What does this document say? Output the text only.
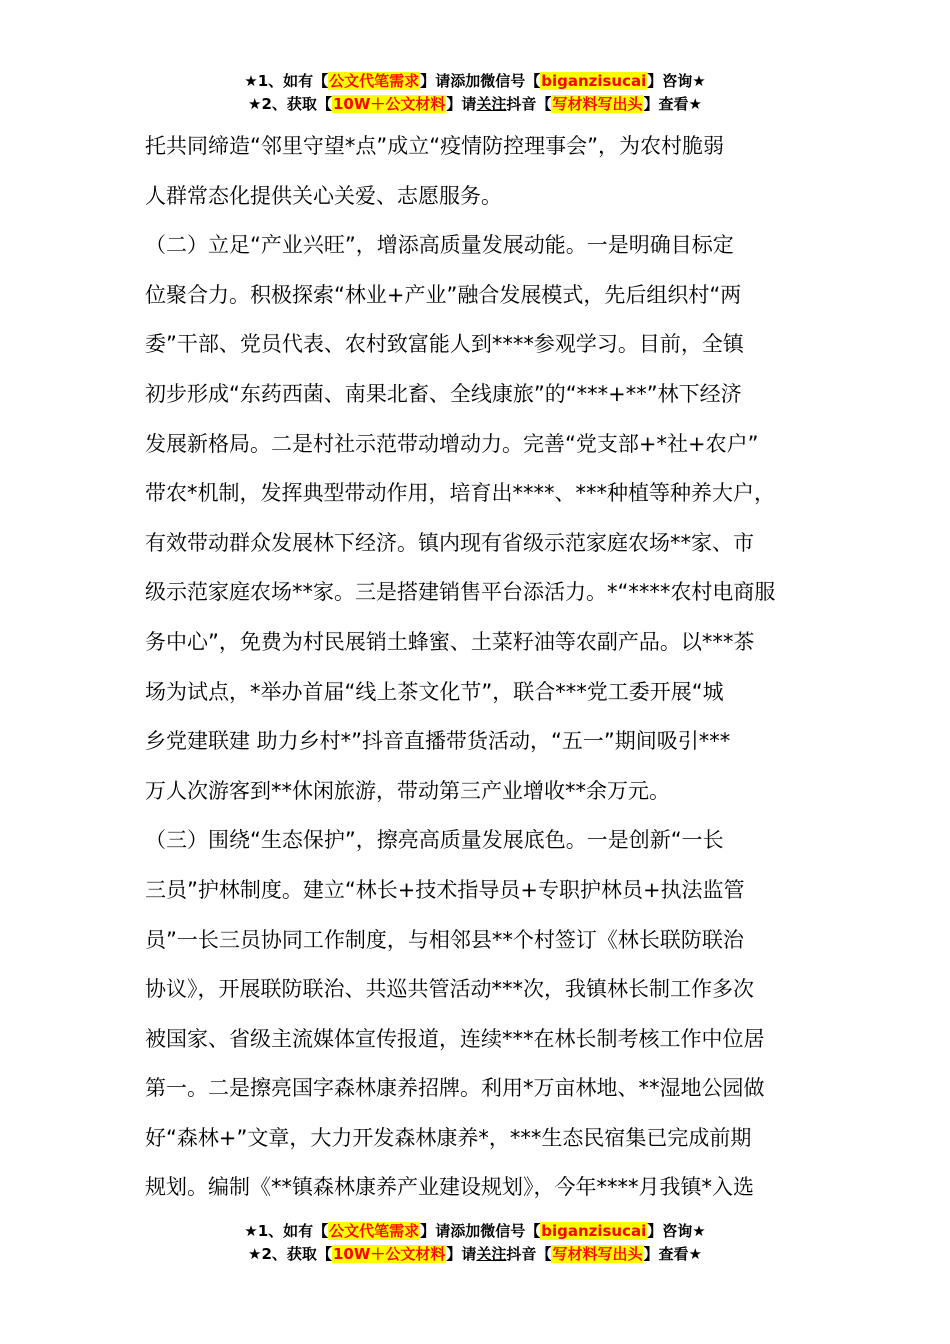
★1、如有【公文代笔需求】请添加微信号【biganzisucai】咨询★
★2、获取【10W＋公文材料】请关注抖音【写材料写出头】查看★
托共同缔造“邻里守望*点”成立“疫情防控理事会”，为农村脆弱
人群常态化提供关心关爱、志愿服务。
（二）立足“产业兴旺”，增添高质量发展动能。一是明确目标定
位聚合力。积极探索“林业+产业”融合发展模式，先后组织村“两
委”干部、党员代表、农村致富能人到****参观学习。目前，全镇
初步形成“东药西菌、南果北畜、全线康旅”的“***+**”林下经济
发展新格局。二是村社示范带动增动力。完善“党支部+*社+农户”
带农*机制，发挥典型带动作用，培育出****、***种植等种养大户，
有效带动群众发展林下经济。镇内现有省级示范家庭农场**家、市
级示范家庭农场**家。三是搭建销售平台添活力。*“****农村电商服
务中心”，免费为村民展销土蜂蜜、土菜籽油等农副产品。以***茶
场为试点，*举办首届“线上茶文化节”，联合***党工委开展“城
乡党建联建 助力乡村*”抖音直播带货活动，“五一”期间吸引***
万人次游客到**休闲旅游，带动第三产业增收**余万元。
（三）围绕“生态保护”，擦亮高质量发展底色。一是创新“一长
三员”护林制度。建立“林长+技术指导员+专职护林员+执法监管
员”一长三员协同工作制度，与相邻县**个村签订《林长联防联治
协议》，开展联防联治、共巡共管活动***次，我镇林长制工作多次
被国家、省级主流媒体宣传报道，连续***在林长制考核工作中位居
第一。二是擦亮国字森林康养招牌。利用*万亩林地、**湿地公园做
好“森林+”文章，大力开发森林康养*，***生态民宿集已完成前期
规划。编制《**镇森林康养产业建设规划》，今年****月我镇*入选
★1、如有【公文代笔需求】请添加微信号【biganzisucai】咨询★
★2、获取【10W＋公文材料】请关注抖音【写材料写出头】查看★
